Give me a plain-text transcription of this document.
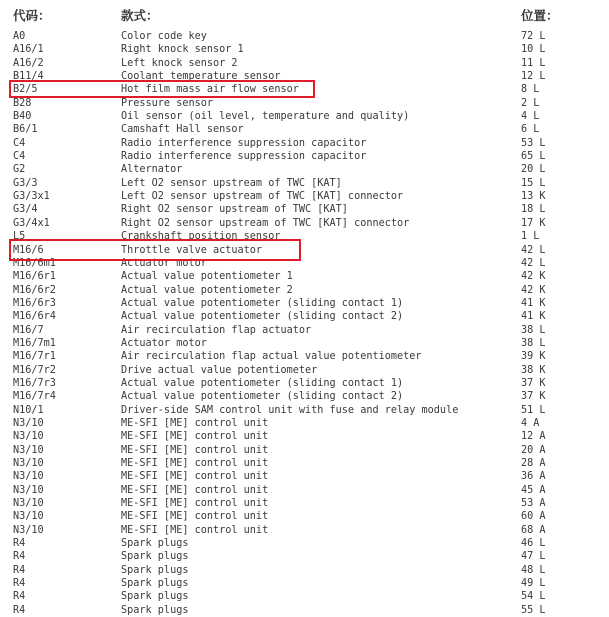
代码：	款式：	位置：
A0	Color code key	72 L
A16/1	Right knock sensor 1	10 L
A16/2	Left knock sensor 2	11 L
B11/4	Coolant temperature sensor	12 L
B2/5	Hot film mass air flow sensor	8 L
B28	Pressure sensor	2 L
B40	Oil sensor (oil level, temperature and quality)	4 L
B6/1	Camshaft Hall sensor	6 L
C4	Radio interference suppression capacitor	53 L
C4	Radio interference suppression capacitor	65 L
G2	Alternator	20 L
G3/3	Left O2 sensor upstream of TWC [KAT]	15 L
G3/3x1	Left O2 sensor upstream of TWC [KAT] connector	13 K
G3/4	Right O2 sensor upstream of TWC [KAT]	18 L
G3/4x1	Right O2 sensor upstream of TWC [KAT] connector	17 K
L5	Crankshaft position sensor	1 L
M16/6	Throttle valve actuator	42 L
M16/6m1	Actuator motor	42 L
M16/6r1	Actual value potentiometer 1	42 K
M16/6r2	Actual value potentiometer 2	42 K
M16/6r3	Actual value potentiometer (sliding contact 1)	41 K
M16/6r4	Actual value potentiometer (sliding contact 2)	41 K
M16/7	Air recirculation flap actuator	38 L
M16/7m1	Actuator motor	38 L
M16/7r1	Air recirculation flap actual value potentiometer	39 K
M16/7r2	Drive actual value potentiometer	38 K
M16/7r3	Actual value potentiometer (sliding contact 1)	37 K
M16/7r4	Actual value potentiometer (sliding contact 2)	37 K
N10/1	Driver-side SAM control unit with fuse and relay module	51 L
N3/10	ME-SFI [ME] control unit	4 A
N3/10	ME-SFI [ME] control unit	12 A
N3/10	ME-SFI [ME] control unit	20 A
N3/10	ME-SFI [ME] control unit	28 A
N3/10	ME-SFI [ME] control unit	36 A
N3/10	ME-SFI [ME] control unit	45 A
N3/10	ME-SFI [ME] control unit	53 A
N3/10	ME-SFI [ME] control unit	60 A
N3/10	ME-SFI [ME] control unit	68 A
R4	Spark plugs	46 L
R4	Spark plugs	47 L
R4	Spark plugs	48 L
R4	Spark plugs	49 L
R4	Spark plugs	54 L
R4	Spark plugs	55 L
